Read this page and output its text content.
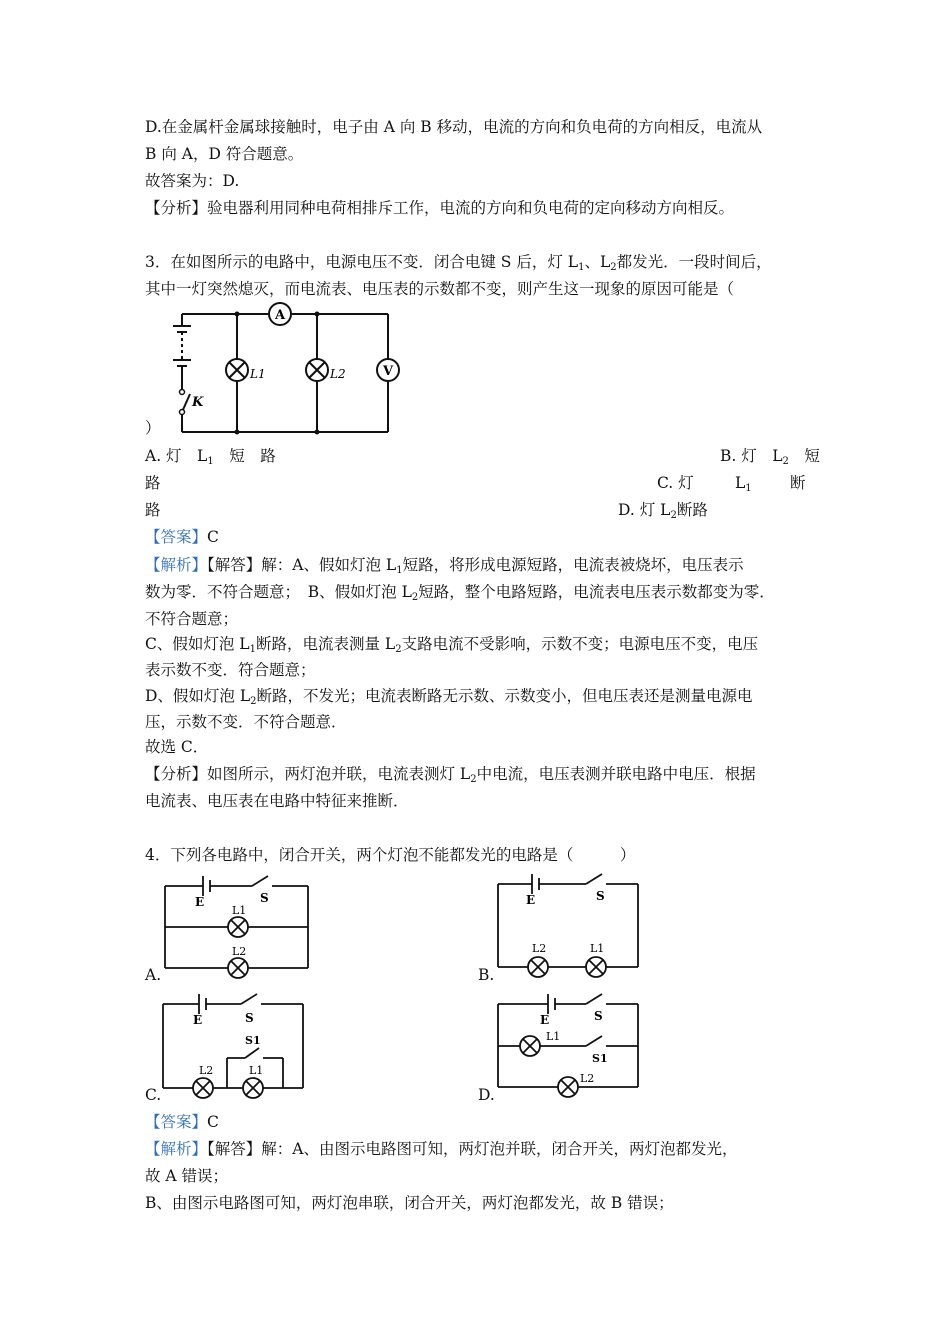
D.在金属杆金属球接触时，电子由 A 向 B 移动，电流的方向和负电荷的方向相反，电流从
B 向 A，D 符合题意。
故答案为：D.
【分析】验电器利用同种电荷相排斥工作，电流的方向和负电荷的定向移动方向相反。
3．在如图所示的电路中，电源电压不变．闭合电键 S 后，灯 $L_1$、$L_2$都发光．一段时间后，
其中一灯突然熄灭，而电流表、电压表的示数都不变，则产生这一现象的原因可能是（
A
V
L1	L2
K
）
A. 灯　$L_1$　短　路	B. 灯　$L_2$　短
路	C. 灯	$L_1$ 断
路	D. 灯 $L_2$断路
【答案】C
【解析】【解答】解：A、假如灯泡 $L_1$短路，将形成电源短路，电流表被烧坏，电压表示
数为零．不符合题意；　B、假如灯泡 $L_2$短路，整个电路短路，电流表电压表示数都变为零．
不符合题意；
C、假如灯泡 $L_1$断路，电流表测量 $L_2$支路电流不受影响，示数不变；电源电压不变，电压
表示数不变．符合题意；
D、假如灯泡 $L_2$断路，不发光；电流表断路无示数、示数变小，但电压表还是测量电源电
压，示数不变．不符合题意．
故选 C．
【分析】如图所示，两灯泡并联，电流表测灯 $L_2$中电流，电压表测并联电路中电压．根据
电流表、电压表在电路中特征来推断．
4．下列各电路中，闭合开关，两个灯泡不能都发光的电路是（　　　）
E	S
L1
L2
A.
E	S
L2	L1
B.
E	S
S1
L2	L1
C.
E	S
L1
S1
L2
D.
【答案】C
【解析】【解答】解：A、由图示电路图可知，两灯泡并联，闭合开关，两灯泡都发光，
故 A 错误；
B、由图示电路图可知，两灯泡串联，闭合开关，两灯泡都发光，故 B 错误；
